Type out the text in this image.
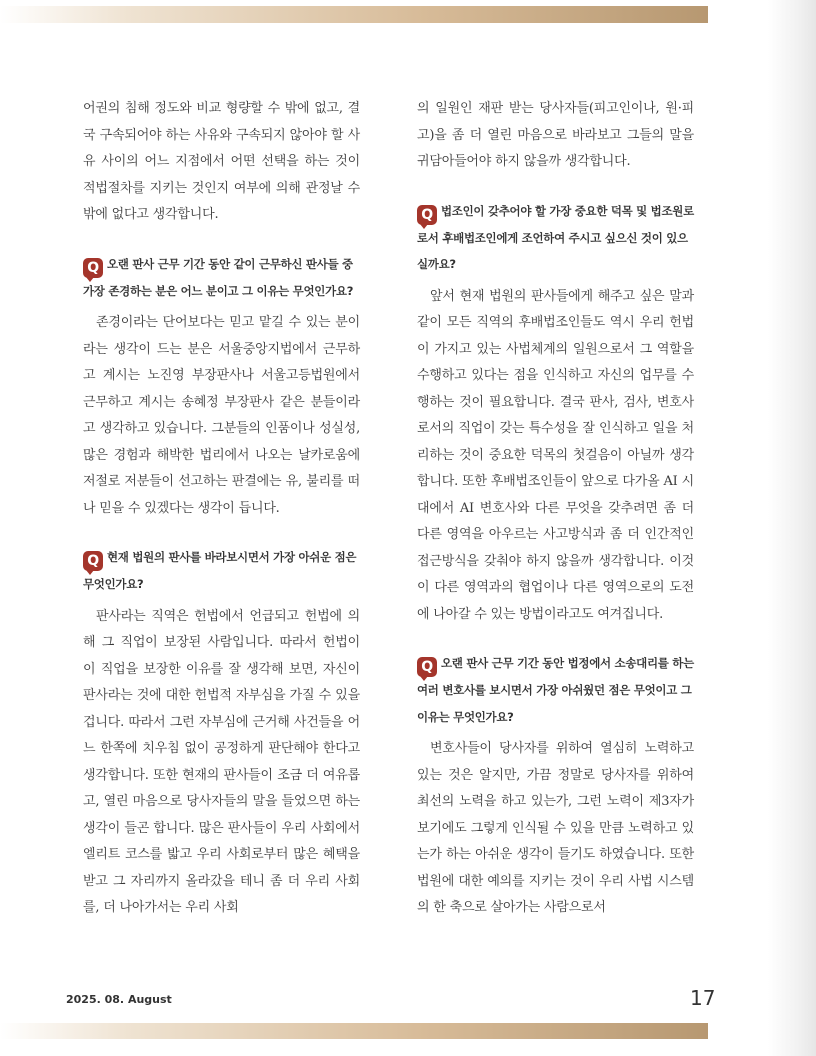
어권의 침해 정도와 비교 형량할 수 밖에 없고, 결국 구속되어야 하는 사유와 구속되지 않아야 할 사유 사이의 어느 지점에서 어떤 선택을 하는 것이 적법절차를 지키는 것인지 여부에 의해 관정날 수밖에 없다고 생각합니다.

Q 오랜 판사 근무 기간 동안 같이 근무하신 판사들 중 가장 존경하는 분은 어느 분이고 그 이유는 무엇인가요?

존경이라는 단어보다는 믿고 맡길 수 있는 분이라는 생각이 드는 분은 서울중앙지법에서 근무하고 계시는 노진영 부장판사나 서울고등법원에서 근무하고 계시는 송혜정 부장판사 같은 분들이라고 생각하고 있습니다. 그분들의 인품이나 성실성, 많은 경험과 해박한 법리에서 나오는 날카로움에 저절로 저분들이 선고하는 판결에는 유, 불리를 떠나 믿을 수 있겠다는 생각이 듭니다.

Q 현재 법원의 판사를 바라보시면서 가장 아쉬운 점은 무엇인가요?

판사라는 직역은 헌법에서 언급되고 헌법에 의해 그 직업이 보장된 사람입니다. 따라서 헌법이 이 직업을 보장한 이유를 잘 생각해 보면, 자신이 판사라는 것에 대한 헌법적 자부심을 가질 수 있을 겁니다. 따라서 그런 자부심에 근거해 사건들을 어느 한쪽에 치우침 없이 공정하게 판단해야 한다고 생각합니다. 또한 현재의 판사들이 조금 더 여유롭고, 열린 마음으로 당사자들의 말을 들었으면 하는 생각이 들곤 합니다. 많은 판사들이 우리 사회에서 엘리트 코스를 밟고 우리 사회로부터 많은 혜택을 받고 그 자리까지 올라갔을 테니 좀 더 우리 사회를, 더 나아가서는 우리 사회

의 일원인 재판 받는 당사자들(피고인이나, 원·피고)을 좀 더 열린 마음으로 바라보고 그들의 말을 귀담아들어야 하지 않을까 생각합니다.

Q 법조인이 갖추어야 할 가장 중요한 덕목 및 법조원로로서 후배법조인에게 조언하여 주시고 싶으신 것이 있으실까요?

앞서 현재 법원의 판사들에게 해주고 싶은 말과 같이 모든 직역의 후배법조인들도 역시 우리 헌법이 가지고 있는 사법체계의 일원으로서 그 역할을 수행하고 있다는 점을 인식하고 자신의 업무를 수행하는 것이 필요합니다. 결국 판사, 검사, 변호사로서의 직업이 갖는 특수성을 잘 인식하고 일을 처리하는 것이 중요한 덕목의 첫걸음이 아닐까 생각합니다. 또한 후배법조인들이 앞으로 다가올 AI 시대에서 AI 변호사와 다른 무엇을 갖추려면 좀 더 다른 영역을 아우르는 사고방식과 좀 더 인간적인 접근방식을 갖춰야 하지 않을까 생각합니다. 이것이 다른 영역과의 협업이나 다른 영역으로의 도전에 나아갈 수 있는 방법이라고도 여겨집니다.

Q 오랜 판사 근무 기간 동안 법정에서 소송대리를 하는 여러 변호사를 보시면서 가장 아쉬웠던 점은 무엇이고 그 이유는 무엇인가요?

변호사들이 당사자를 위하여 열심히 노력하고 있는 것은 알지만, 가끔 정말로 당사자를 위하여 최선의 노력을 하고 있는가, 그런 노력이 제3자가 보기에도 그렇게 인식될 수 있을 만큼 노력하고 있는가 하는 아쉬운 생각이 들기도 하였습니다. 또한 법원에 대한 예의를 지키는 것이 우리 사법 시스템의 한 축으로 살아가는 사람으로서

2025. 08. August	17
